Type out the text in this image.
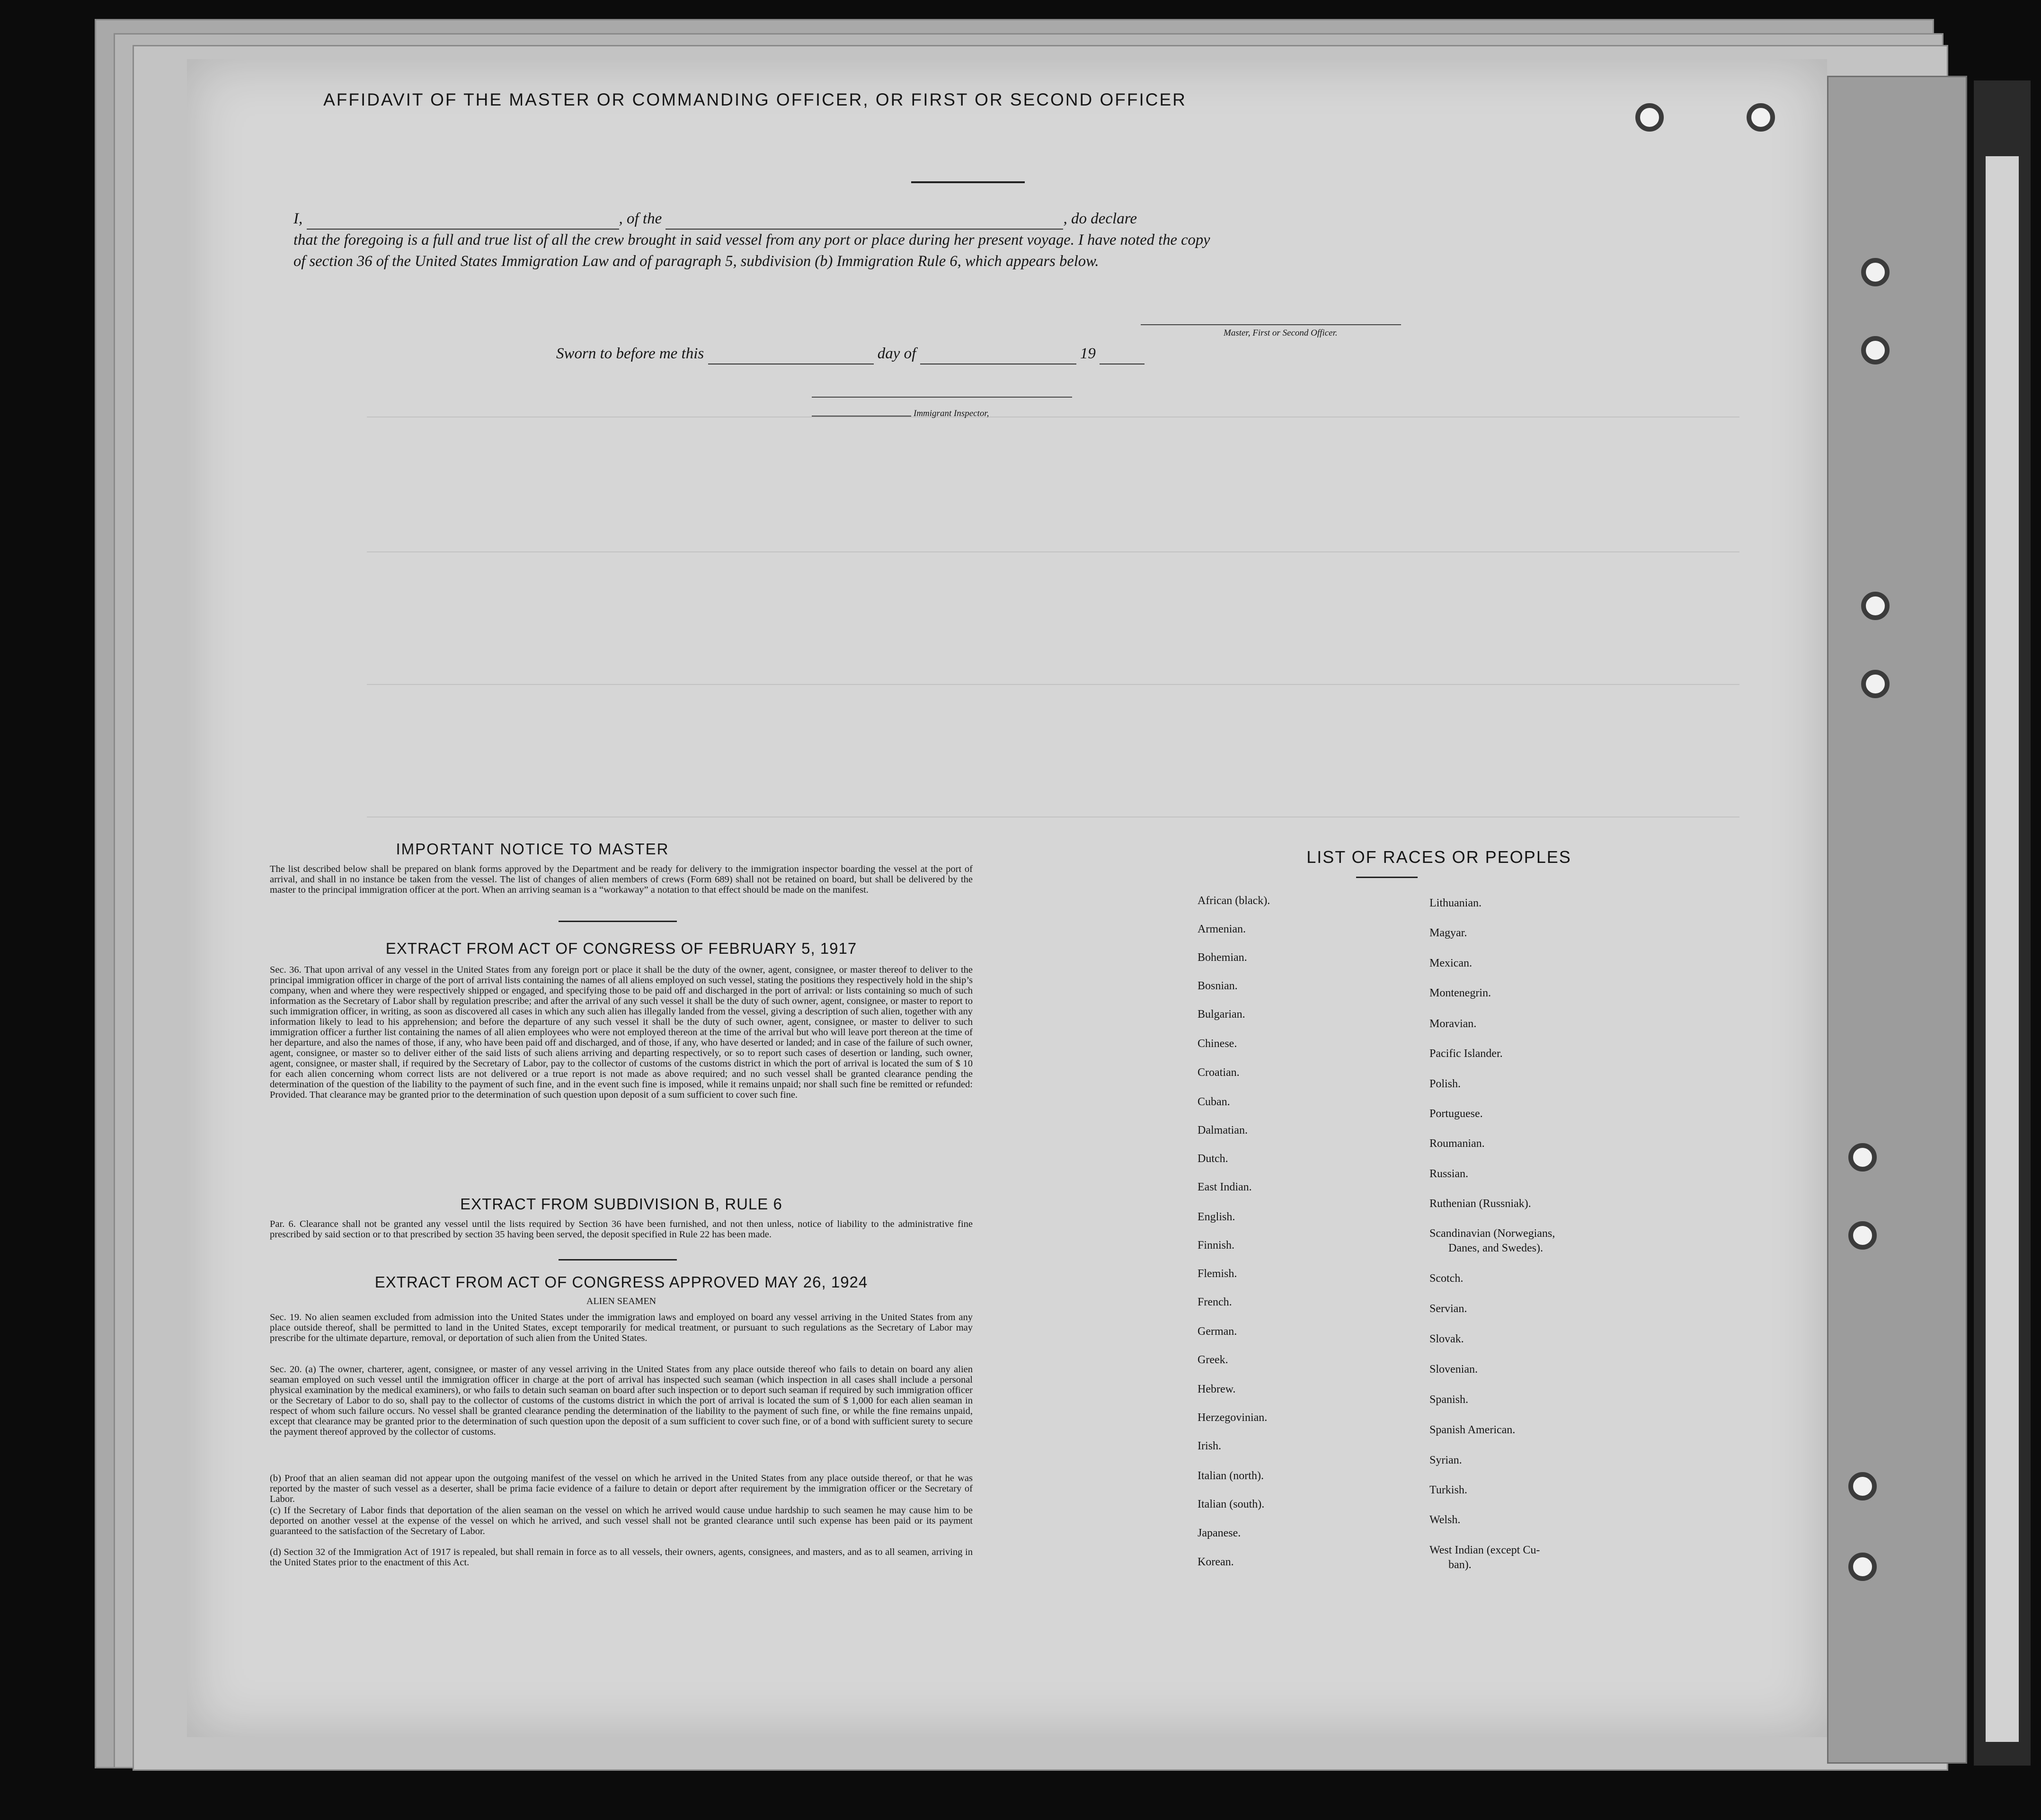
AFFIDAVIT OF THE MASTER OR COMMANDING OFFICER, OR FIRST OR SECOND OFFICER
I,	, of the	, do declare
that the foregoing is a full and true list of all the crew brought in said vessel from any port or place during her present voyage. I have noted the copy of section 36 of the United States Immigration Law and of paragraph 5, subdivision (b) Immigration Rule 6, which appears below.
Master, First or Second Officer.
Sworn to before me this	day of	19
Immigrant Inspector,
IMPORTANT NOTICE TO MASTER
The list described below shall be prepared on blank forms approved by the Department and be ready for delivery to the immigration inspector boarding the vessel at the port of arrival, and shall in no instance be taken from the vessel. The list of changes of alien members of crews (Form 689) shall not be retained on board, but shall be delivered by the master to the principal immigration officer at the port. When an arriving seaman is a “workaway” a notation to that effect should be made on the manifest.
EXTRACT FROM ACT OF CONGRESS OF FEBRUARY 5, 1917
Sec. 36. That upon arrival of any vessel in the United States from any foreign port or place it shall be the duty of the owner, agent, consignee, or master thereof to deliver to the principal immigration officer in charge of the port of arrival lists containing the names of all aliens employed on such vessel, stating the positions they respectively hold in the ship’s company, when and where they were respectively shipped or engaged, and specifying those to be paid off and discharged in the port of arrival: or lists containing so much of such information as the Secretary of Labor shall by regulation prescribe; and after the arrival of any such vessel it shall be the duty of such owner, agent, consignee, or master to report to such immigration officer, in writing, as soon as discovered all cases in which any such alien has illegally landed from the vessel, giving a description of such alien, together with any information likely to lead to his apprehension; and before the departure of any such vessel it shall be the duty of such owner, agent, consignee, or master to deliver to such immigration officer a further list containing the names of all alien employees who were not employed thereon at the time of the arrival but who will leave port thereon at the time of her departure, and also the names of those, if any, who have been paid off and discharged, and of those, if any, who have deserted or landed; and in case of the failure of such owner, agent, consignee, or master so to deliver either of the said lists of such aliens arriving and departing respectively, or so to report such cases of desertion or landing, such owner, agent, consignee, or master shall, if required by the Secretary of Labor, pay to the collector of customs of the customs district in which the port of arrival is located the sum of $ 10 for each alien concerning whom correct lists are not delivered or a true report is not made as above required; and no such vessel shall be granted clearance pending the determination of the question of the liability to the payment of such fine, and in the event such fine is imposed, while it remains unpaid; nor shall such fine be remitted or refunded: Provided. That clearance may be granted prior to the determination of such question upon deposit of a sum sufficient to cover such fine.
EXTRACT FROM SUBDIVISION B, RULE 6
Par. 6. Clearance shall not be granted any vessel until the lists required by Section 36 have been furnished, and not then unless, notice of liability to the administrative fine prescribed by said section or to that prescribed by section 35 having been served, the deposit specified in Rule 22 has been made.
EXTRACT FROM ACT OF CONGRESS APPROVED MAY 26, 1924
ALIEN SEAMEN
Sec. 19. No alien seamen excluded from admission into the United States under the immigration laws and employed on board any vessel arriving in the United States from any place outside thereof, shall be permitted to land in the United States, except temporarily for medical treatment, or pursuant to such regulations as the Secretary of Labor may prescribe for the ultimate departure, removal, or deportation of such alien from the United States.
Sec. 20. (a) The owner, charterer, agent, consignee, or master of any vessel arriving in the United States from any place outside thereof who fails to detain on board any alien seaman employed on such vessel until the immigration officer in charge at the port of arrival has inspected such seaman (which inspection in all cases shall include a personal physical examination by the medical examiners), or who fails to detain such seaman on board after such inspection or to deport such seaman if required by such immigration officer or the Secretary of Labor to do so, shall pay to the collector of customs of the customs district in which the port of arrival is located the sum of $ 1,000 for each alien seaman in respect of whom such failure occurs. No vessel shall be granted clearance pending the determination of the liability to the payment of such fine, or while the fine remains unpaid, except that clearance may be granted prior to the determination of such question upon the deposit of a sum sufficient to cover such fine, or of a bond with sufficient surety to secure the payment thereof approved by the collector of customs.
(b) Proof that an alien seaman did not appear upon the outgoing manifest of the vessel on which he arrived in the United States from any place outside thereof, or that he was reported by the master of such vessel as a deserter, shall be prima facie evidence of a failure to detain or deport after requirement by the immigration officer or the Secretary of Labor.
(c) If the Secretary of Labor finds that deportation of the alien seaman on the vessel on which he arrived would cause undue hardship to such seamen he may cause him to be deported on another vessel at the expense of the vessel on which he arrived, and such vessel shall not be granted clearance until such expense has been paid or its payment guaranteed to the satisfaction of the Secretary of Labor.
(d) Section 32 of the Immigration Act of 1917 is repealed, but shall remain in force as to all vessels, their owners, agents, consignees, and masters, and as to all seamen, arriving in the United States prior to the enactment of this Act.
LIST OF RACES OR PEOPLES
African (black).
Armenian.
Bohemian.
Bosnian.
Bulgarian.
Chinese.
Croatian.
Cuban.
Dalmatian.
Dutch.
East Indian.
English.
Finnish.
Flemish.
French.
German.
Greek.
Hebrew.
Herzegovinian.
Irish.
Italian (north).
Italian (south).
Japanese.
Korean.
Lithuanian.
Magyar.
Mexican.
Montenegrin.
Moravian.
Pacific Islander.
Polish.
Portuguese.
Roumanian.
Russian.
Ruthenian (Russniak).
Scandinavian (Norwegians,
Danes, and Swedes).
Scotch.
Servian.
Slovak.
Slovenian.
Spanish.
Spanish American.
Syrian.
Turkish.
Welsh.
West Indian (except Cu-
ban).
